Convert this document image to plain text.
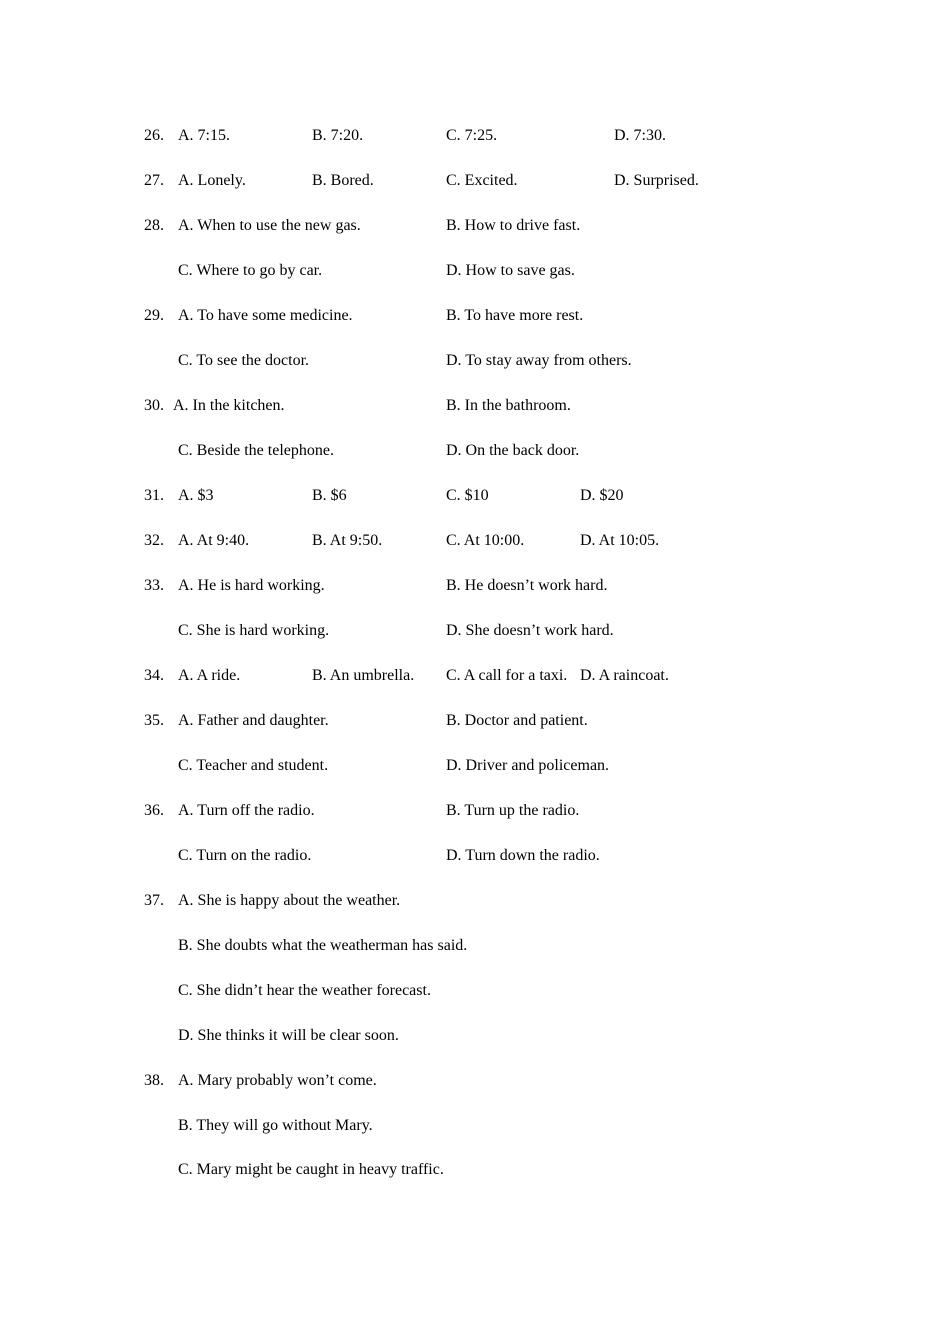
26. A. 7:15.	B. 7:20.	C. 7:25.	D. 7:30.
27. A. Lonely.	B. Bored.	C. Excited.	D. Surprised.
28. A. When to use the new gas.	B. How to drive fast.
C. Where to go by car.	D. How to save gas.
29. A. To have some medicine.	B. To have more rest.
C. To see the doctor.	D. To stay away from others.
30. A. In the kitchen.	B. In the bathroom.
C. Beside the telephone.	D. On the back door.
31. A. $3	B. $6	C. $10	D. $20
32. A. At 9:40.	B. At 9:50.	C. At 10:00.	D. At 10:05.
33. A. He is hard working.	B. He doesn’t work hard.
C. She is hard working.	D. She doesn’t work hard.
34. A. A ride.	B. An umbrella. C. A call for a taxi. D. A raincoat.
35. A. Father and daughter.	B. Doctor and patient.
C. Teacher and student.	D. Driver and policeman.
36. A. Turn off the radio.	B. Turn up the radio.
C. Turn on the radio.	D. Turn down the radio.
37. A. She is happy about the weather.
B. She doubts what the weatherman has said.
C. She didn’t hear the weather forecast.
D. She thinks it will be clear soon.
38. A. Mary probably won’t come.
B. They will go without Mary.
C. Mary might be caught in heavy traffic.
